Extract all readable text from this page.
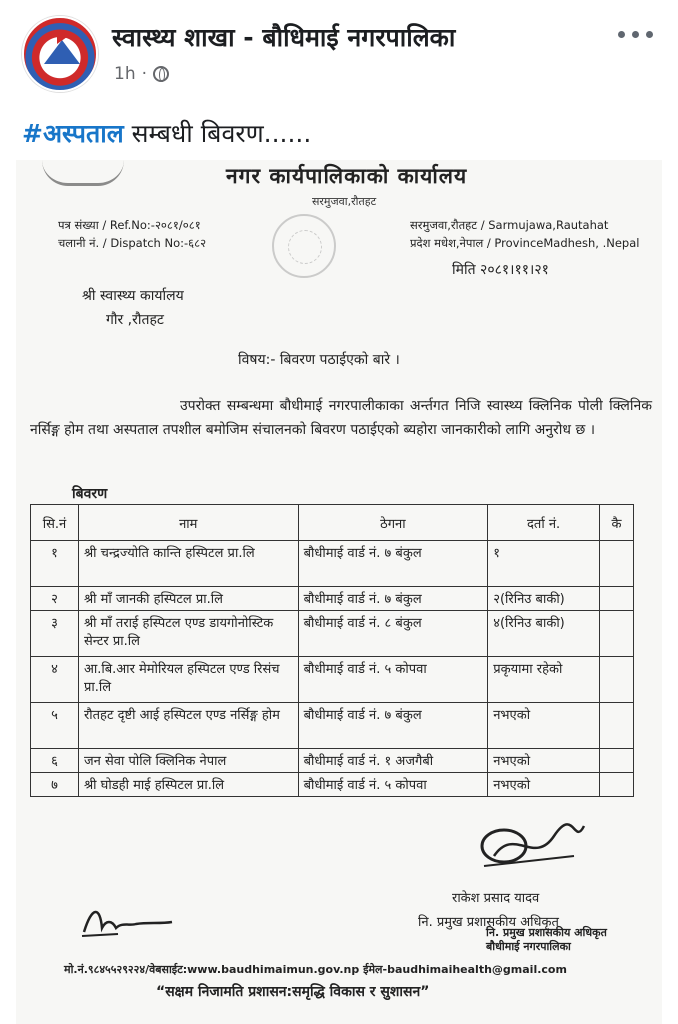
स्वास्थ्य शाखा - बौधिमाई नगरपालिका
1h ·
#अस्पताल सम्बधी बिवरण......
नगर कार्यपालिकाको कार्यालय
सरमुजवा,रौतहट
पत्र संख्या / Ref.No:-२०८१/०८१
चलानी नं. / Dispatch No:-६८२
सरमुजवा,रौतहट / Sarmujawa,Rautahat
प्रदेश मधेश,नेपाल / ProvinceMadhesh, .Nepal
मिति २०८१।११।२१
श्री स्वास्थ्य कार्यालय
गौर ,रौतहट
विषय:- बिवरण पठाईएको बारे ।
उपरोक्त सम्बन्धमा बौधीमाई नगरपालीकाका अर्न्तगत निजि स्वास्थ्य क्लिनिक पोली क्लिनिक नर्सिङ्ग होम तथा अस्पताल तपशील बमोजिम संचालनको बिवरण पठाईएको ब्यहोरा जानकारीको लागि अनुरोध छ ।
बिवरण
सि.नं	नाम	ठेगना	दर्ता नं.	कै
१	श्री चन्द्रज्योति कान्ति हस्पिटल प्रा.लि	बौधीमाई वार्ड नं. ७ बंकुल	१	
२	श्री माँ जानकी हस्पिटल प्रा.लि	बौधीमाई वार्ड नं. ७ बंकुल	२(रिनिउ बाकी)	
३	श्री माँ तराई हस्पिटल एण्ड डायगोनोस्टिक सेन्टर प्रा.लि	बौधीमाई वार्ड नं. ८ बंकुल	४(रिनिउ बाकी)	
४	आ.बि.आर मेमोरियल हस्पिटल एण्ड रिसंच प्रा.लि	बौधीमाई वार्ड नं. ५ कोपवा	प्रकृयामा रहेको	
५	रौतहट दृष्टी आई हस्पिटल एण्ड नर्सिङ्ग होम	बौधीमाई वार्ड नं. ७ बंकुल	नभएको	
६	जन सेवा पोलि क्लिनिक नेपाल	बौधीमाई वार्ड नं. १ अजगैबी	नभएको	
७	श्री घोडही माई हस्पिटल प्रा.लि	बौधीमाई वार्ड नं. ५ कोपवा	नभएको	
राकेश प्रसाद यादव
नि. प्रमुख प्रशासकीय अधिकृत
नि. प्रमुख प्रशासकीय अधिकृत
बौधीमाई नगरपालिका
मो.नं.९८४५५२९२२४/वेबसाईट:www.baudhimaimun.gov.np ईमेल-baudhimaihealth@gmail.com
“सक्षम निजामति प्रशासन:समृद्धि विकास र सुशासन”
